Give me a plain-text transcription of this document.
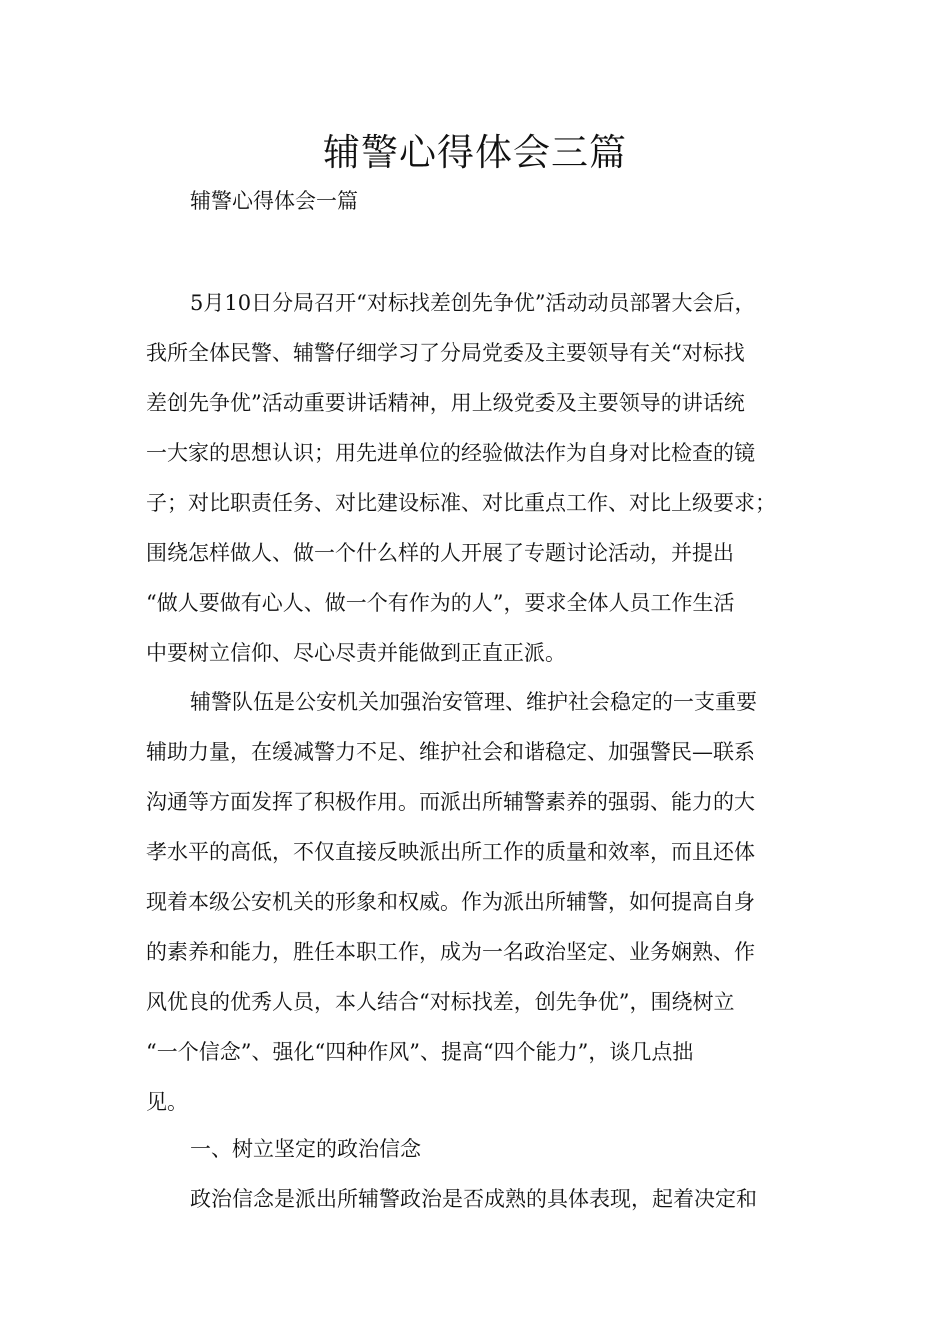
辅警心得体会三篇
辅警心得体会一篇
5月10日分局召开“对标找差创先争优”活动动员部署大会后，
我所全体民警、辅警仔细学习了分局党委及主要领导有关“对标找
差创先争优”活动重要讲话精神，用上级党委及主要领导的讲话统
一大家的思想认识；用先进单位的经验做法作为自身对比检查的镜
子；对比职责任务、对比建设标准、对比重点工作、对比上级要求；
围绕怎样做人、做一个什么样的人开展了专题讨论活动，并提出
“做人要做有心人、做一个有作为的人”，要求全体人员工作生活
中要树立信仰、尽心尽责并能做到正直正派。
辅警队伍是公安机关加强治安管理、维护社会稳定的一支重要
辅助力量，在缓减警力不足、维护社会和谐稳定、加强警民—联系
沟通等方面发挥了积极作用。而派出所辅警素养的强弱、能力的大
孝水平的高低，不仅直接反映派出所工作的质量和效率，而且还体
现着本级公安机关的形象和权威。作为派出所辅警，如何提高自身
的素养和能力，胜任本职工作，成为一名政治坚定、业务娴熟、作
风优良的优秀人员，本人结合“对标找差，创先争优”，围绕树立
“一个信念”、强化“四种作风”、提高“四个能力”，谈几点拙
见。
一、树立坚定的政治信念
政治信念是派出所辅警政治是否成熟的具体表现，起着决定和
